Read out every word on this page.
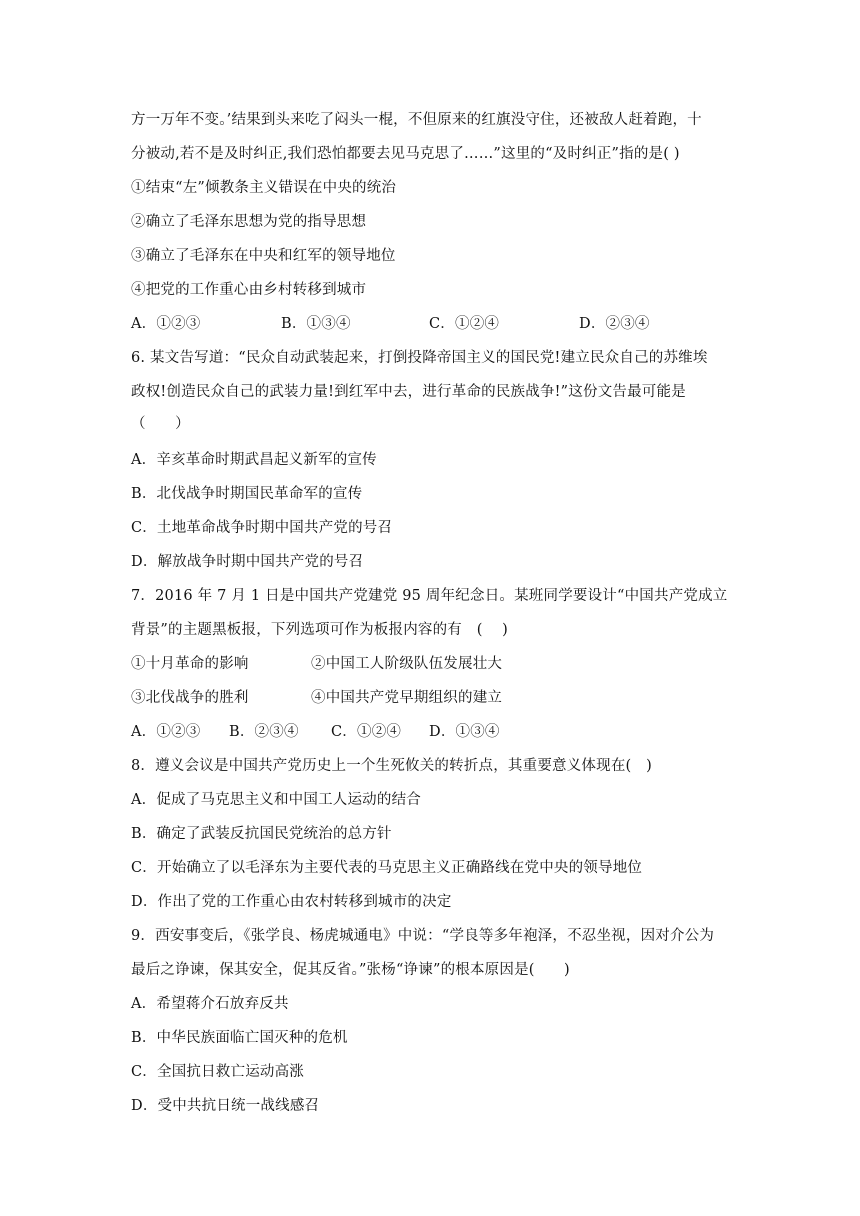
方一万年不变。’结果到头来吃了闷头一棍，不但原来的红旗没守住，还被敌人赶着跑，十
分被动,若不是及时纠正,我们恐怕都要去见马克思了……”这里的“及时纠正”指的是( )
①结束“左”倾教条主义错误在中央的统治
②确立了毛泽东思想为党的指导思想
③确立了毛泽东在中央和红军的领导地位
④把党的工作重心由乡村转移到城市
A．①②③	B．①③④	C．①②④	D．②③④
6. 某文告写道：“民众自动武装起来，打倒投降帝国主义的国民党!建立民众自己的苏维埃
政权!创造民众自己的武装力量!到红军中去，进行革命的民族战争!”这份文告最可能是
（　　）
A．辛亥革命时期武昌起义新军的宣传
B．北伐战争时期国民革命军的宣传
C．土地革命战争时期中国共产党的号召
D．解放战争时期中国共产党的号召
7．2016 年 7 月 1 日是中国共产党建党 95 周年纪念日。某班同学要设计“中国共产党成立
背景”的主题黑板报，下列选项可作为板报内容的有　(　 )
①十月革命的影响	②中国工人阶级队伍发展壮大
③北伐战争的胜利	④中国共产党早期组织的建立
A．①②③ B．②③④ C．①②④ D．①③④
8．遵义会议是中国共产党历史上一个生死攸关的转折点，其重要意义体现在(　)
A．促成了马克思主义和中国工人运动的结合
B．确定了武装反抗国民党统治的总方针
C．开始确立了以毛泽东为主要代表的马克思主义正确路线在党中央的领导地位
D．作出了党的工作重心由农村转移到城市的决定
9．西安事变后，《张学良、杨虎城通电》中说：“学良等多年袍泽，不忍坐视，因对介公为
最后之诤谏，保其安全，促其反省。”张杨“诤谏”的根本原因是(　　)
A．希望蒋介石放弃反共
B．中华民族面临亡国灭种的危机
C．全国抗日救亡运动高涨
D．受中共抗日统一战线感召
